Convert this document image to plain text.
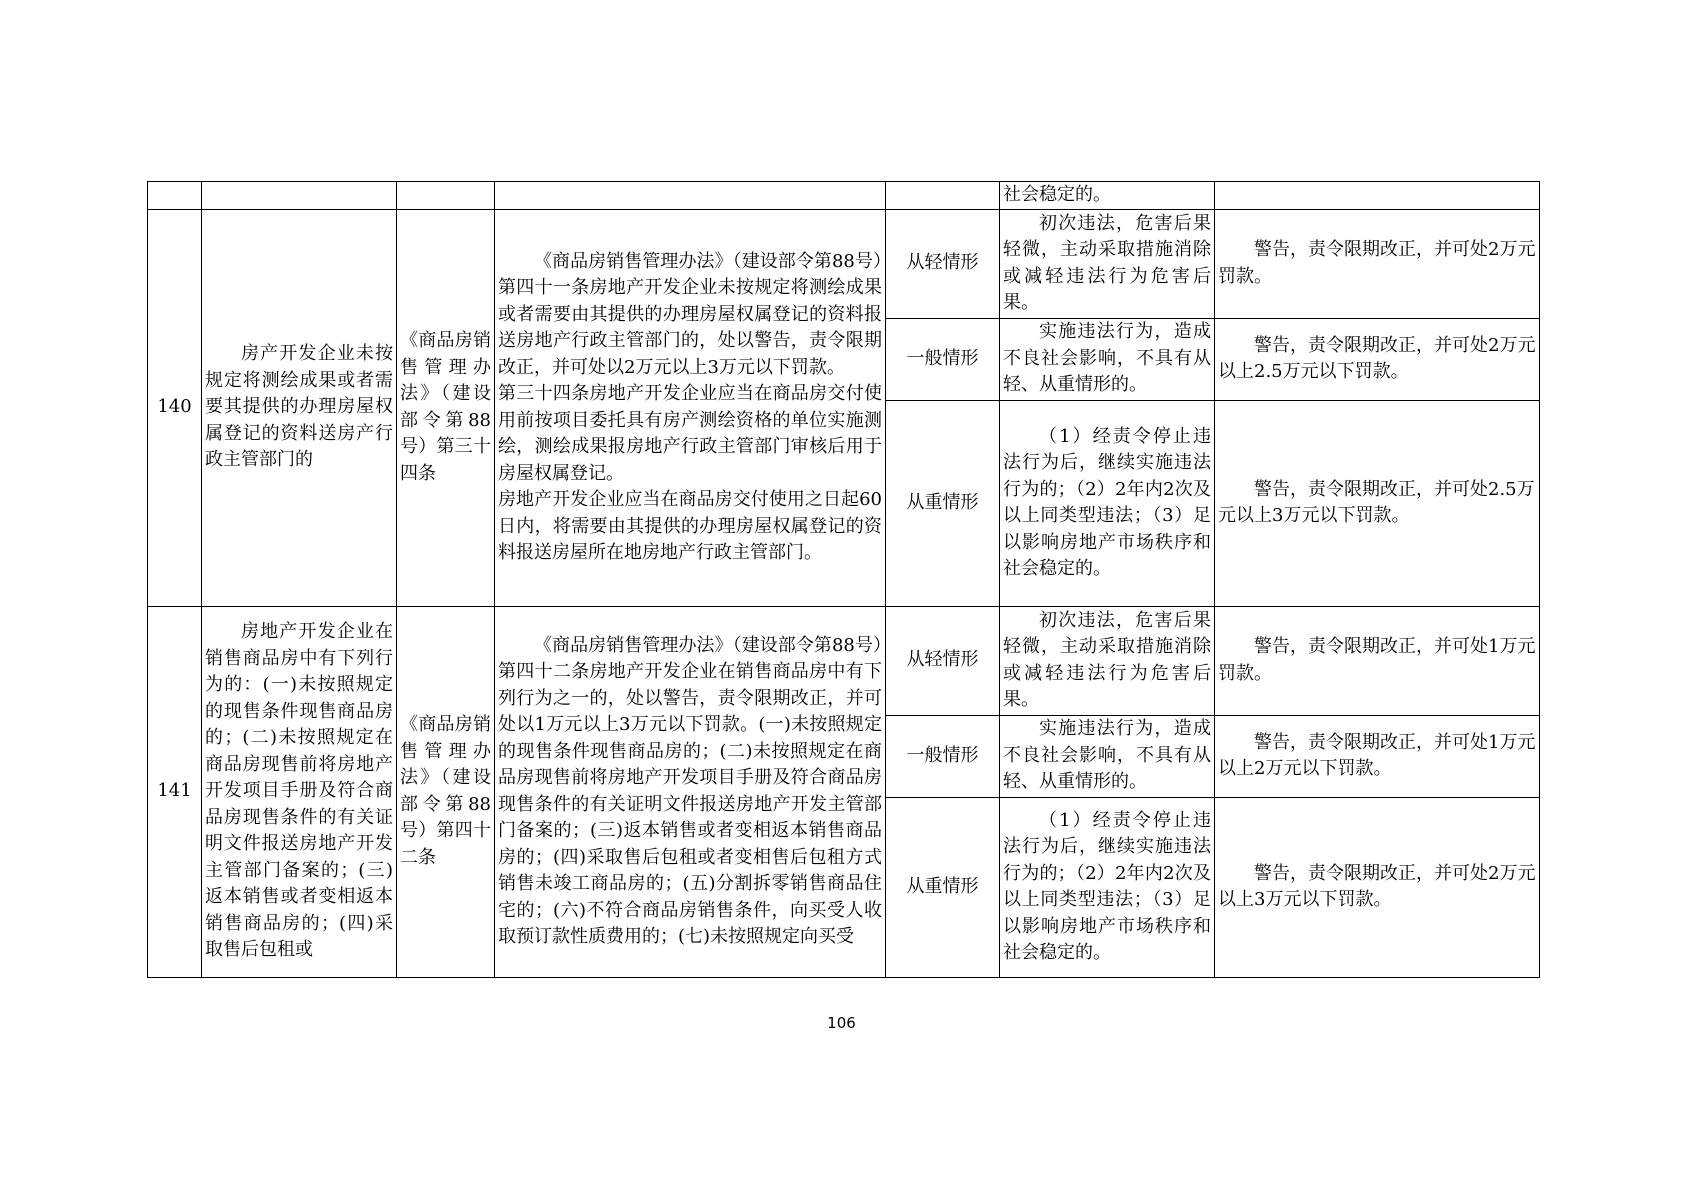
					社会稳定的。	
140	房产开发企业未按规定将测绘成果或者需要其提供的办理房屋权属登记的资料送房产行政主管部门的	《商品房销售管理办法》（建设部令第88号）第三十四条	《商品房销售管理办法》（建设部令第88号）第四十一条房地产开发企业未按规定将测绘成果或者需要由其提供的办理房屋权属登记的资料报送房地产行政主管部门的，处以警告，责令限期改正，并可处以2万元以上3万元以下罚款。
第三十四条房地产开发企业应当在商品房交付使用前按项目委托具有房产测绘资格的单位实施测绘，测绘成果报房地产行政主管部门审核后用于房屋权属登记。
房地产开发企业应当在商品房交付使用之日起60日内，将需要由其提供的办理房屋权属登记的资料报送房屋所在地房地产行政主管部门。	从轻情形	初次违法，危害后果轻微，主动采取措施消除或减轻违法行为危害后果。	警告，责令限期改正，并可处2万元罚款。
				一般情形	实施违法行为，造成不良社会影响，不具有从轻、从重情形的。	警告，责令限期改正，并可处2万元以上2.5万元以下罚款。
				从重情形	（1）经责令停止违法行为后，继续实施违法行为的；（2）2年内2次及以上同类型违法；（3）足以影响房地产市场秩序和社会稳定的。	警告，责令限期改正，并可处2.5万元以上3万元以下罚款。
141	房地产开发企业在销售商品房中有下列行为的：(一)未按照规定的现售条件现售商品房的；(二)未按照规定在商品房现售前将房地产开发项目手册及符合商品房现售条件的有关证明文件报送房地产开发主管部门备案的；(三)返本销售或者变相返本销售商品房的；(四)采取售后包租或	《商品房销售管理办法》（建设部令第88号）第四十二条	《商品房销售管理办法》（建设部令第88号）第四十二条房地产开发企业在销售商品房中有下列行为之一的，处以警告，责令限期改正，并可处以1万元以上3万元以下罚款。(一)未按照规定的现售条件现售商品房的；(二)未按照规定在商品房现售前将房地产开发项目手册及符合商品房现售条件的有关证明文件报送房地产开发主管部门备案的；(三)返本销售或者变相返本销售商品房的；(四)采取售后包租或者变相售后包租方式销售未竣工商品房的；(五)分割拆零销售商品住宅的；(六)不符合商品房销售条件，向买受人收取预订款性质费用的；(七)未按照规定向买受	从轻情形	初次违法，危害后果轻微，主动采取措施消除或减轻违法行为危害后果。	警告，责令限期改正，并可处1万元罚款。
				一般情形	实施违法行为，造成不良社会影响，不具有从轻、从重情形的。	警告，责令限期改正，并可处1万元以上2万元以下罚款。
				从重情形	（1）经责令停止违法行为后，继续实施违法行为的；（2）2年内2次及以上同类型违法；（3）足以影响房地产市场秩序和社会稳定的。	警告，责令限期改正，并可处2万元以上3万元以下罚款。
106
